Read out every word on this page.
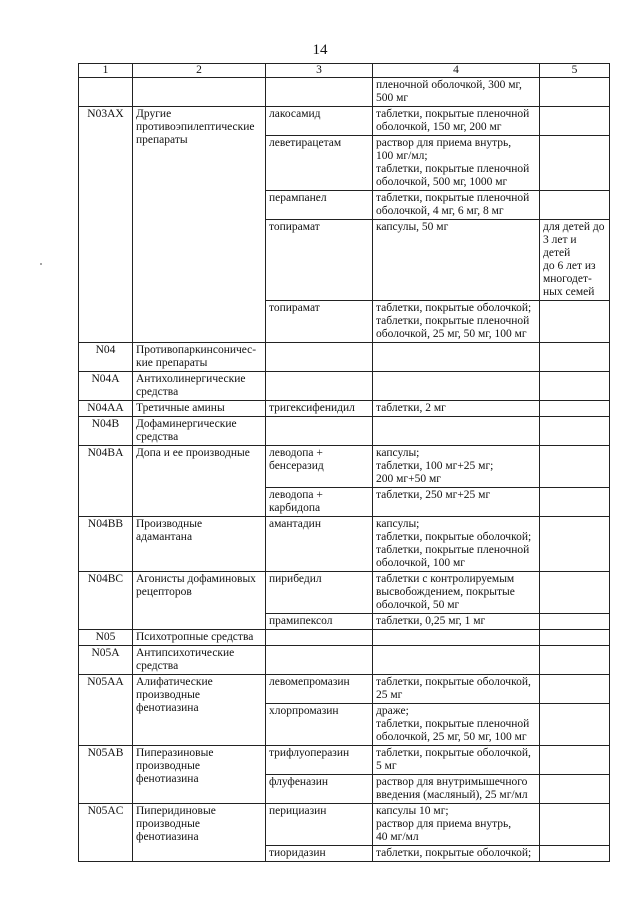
14
1	2	3	4	5
			пленочной оболочкой, 300 мг,
500 мг	
N03AX	Другие
противоэпилептические
препараты	лакосамид	таблетки, покрытые пленочной
оболочкой, 150 мг, 200 мг	
		леветирацетам	раствор для приема внутрь,
100 мг/мл;
таблетки, покрытые пленочной
оболочкой, 500 мг, 1000 мг	
		перампанел	таблетки, покрытые пленочной
оболочкой, 4 мг, 6 мг, 8 мг	
		топирамат	капсулы, 50 мг	для детей до
3 лет и детей
до 6 лет из
многодет-
ных семей
		топирамат	таблетки, покрытые оболочкой;
таблетки, покрытые пленочной
оболочкой, 25 мг, 50 мг, 100 мг	
N04	Противопаркинсоничес-
кие препараты			
N04A	Антихолинергические
средства			
N04AA	Третичные амины	тригексифенидил	таблетки, 2 мг	
N04B	Дофаминергические
средства			
N04BA	Допа и ее производные	леводопа +
бенсеразид	капсулы;
таблетки, 100 мг+25 мг;
200 мг+50 мг	
		леводопа +
карбидопа	таблетки, 250 мг+25 мг	
N04BB	Производные
адамантана	амантадин	капсулы;
таблетки, покрытые оболочкой;
таблетки, покрытые пленочной
оболочкой, 100 мг	
N04BC	Агонисты дофаминовых
рецепторов	пирибедил	таблетки с контролируемым
высвобождением, покрытые
оболочкой, 50 мг	
		прамипексол	таблетки, 0,25 мг, 1 мг	
N05	Психотропные средства			
N05A	Антипсихотические
средства			
N05AA	Алифатические
производные
фенотиазина	левомепромазин	таблетки, покрытые оболочкой,
25 мг	
		хлорпромазин	драже;
таблетки, покрытые пленочной
оболочкой, 25 мг, 50 мг, 100 мг	
N05AB	Пиперазиновые
производные
фенотиазина	трифлуоперазин	таблетки, покрытые оболочкой,
5 мг	
		флуфеназин	раствор для внутримышечного
введения (масляный), 25 мг/мл	
N05AC	Пиперидиновые
производные
фенотиазина	перициазин	капсулы 10 мг;
раствор для приема внутрь,
40 мг/мл	
		тиоридазин	таблетки, покрытые оболочкой;	
